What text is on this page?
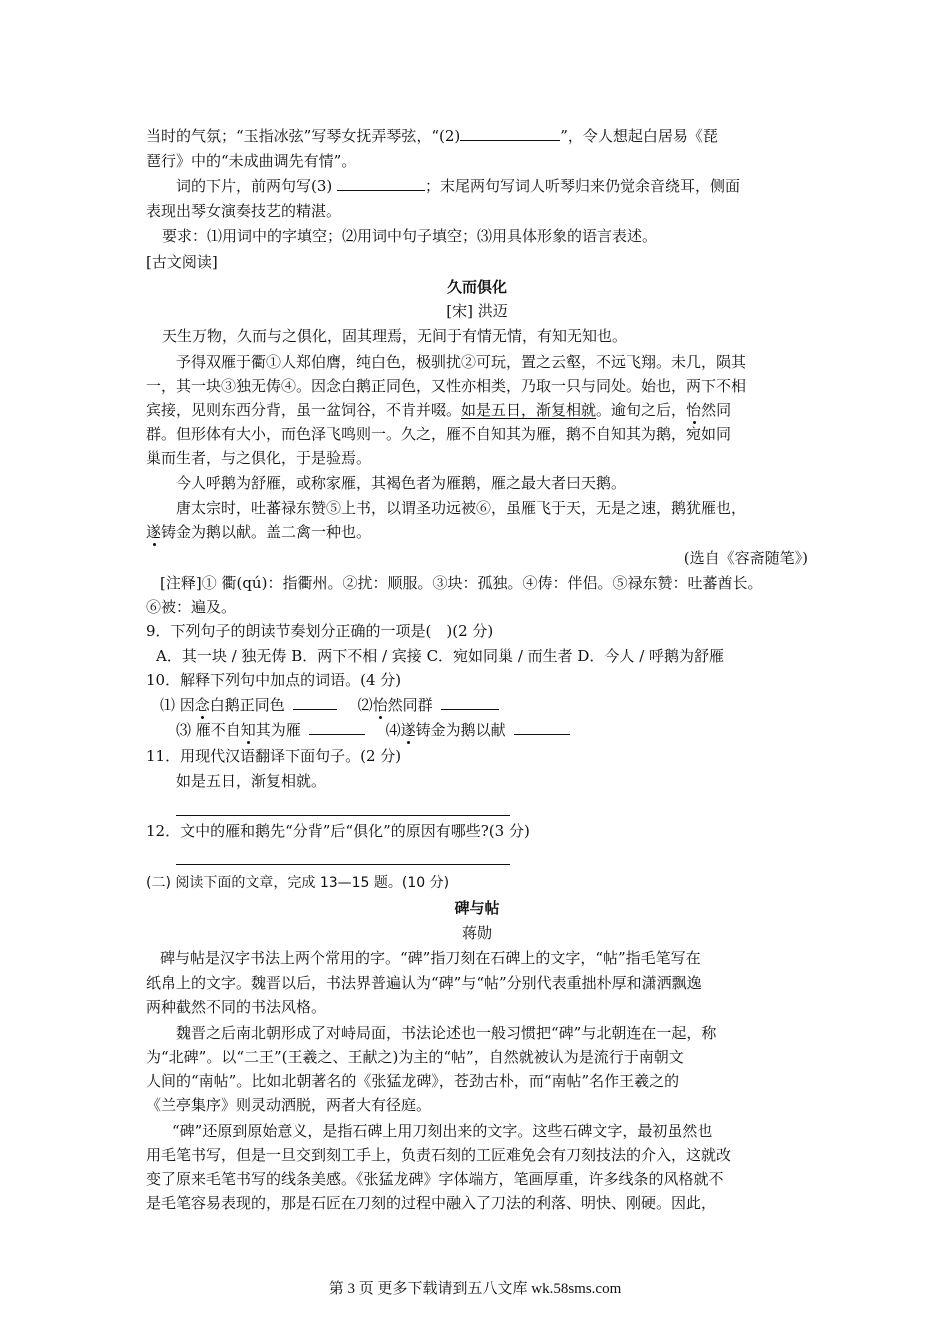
当时的气氛；“玉指冰弦”写琴女抚弄琴弦，“(2)	”，令人想起白居易《琵
琶行》中的“未成曲调先有情”。
词的下片，前两句写(3)	；末尾两句写词人听琴归来仍觉余音绕耳，侧面
表现出琴女演奏技艺的精湛。
要求：⑴用词中的字填空；⑵用词中句子填空；⑶用具体形象的语言表述。
[古文阅读]
久而俱化
[宋] 洪迈
天生万物，久而与之俱化，固其理焉，无间于有情无情，有知无知也。
予得双雁于衢①人郑伯膺，纯白色，极驯扰②可玩，置之云壑，不远飞翔。未几，陨其
一，其一块③独无俦④。因念白鹅正同色，又性亦相类，乃取一只与同处。始也，两下不相
宾接，见则东西分背，虽一盆饲谷，不肯并啜。如是五日，渐复相就。逾旬之后，怡然同
群。但形体有大小，而色泽飞鸣则一。久之，雁不自知其为雁，鹅不自知其为鹅，宛如同
巢而生者，与之俱化，于是验焉。
今人呼鹅为舒雁，或称家雁，其褐色者为雁鹅，雁之最大者曰天鹅。
唐太宗时，吐蕃禄东赞⑤上书，以谓圣功远被⑥，虽雁飞于天，无是之速，鹅犹雁也，
遂铸金为鹅以献。盖二禽一种也。
(选自《容斋随笔》)
[注释]① 衢(qú)：指衢州。②扰：顺服。③块：孤独。④俦：伴侣。⑤禄东赞：吐蕃酋长。
⑥被：遍及。
9．下列句子的朗读节奏划分正确的一项是(　)(2 分)
A．其一块 / 独无俦 B．两下不相 / 宾接 C．宛如同巢 / 而生者 D．今人 / 呼鹅为舒雁
10．解释下列句中加点的词语。(4 分)
⑴ 因念白鹅正同色	⑵怡然同群
⑶ 雁不自知其为雁	⑷遂铸金为鹅以献
11．用现代汉语翻译下面句子。(2 分)
如是五日，渐复相就。
12．文中的雁和鹅先“分背”后“俱化”的原因有哪些?(3 分)
(二) 阅读下面的文章，完成 13—15 题。(10 分)
碑与帖
蒋勋
碑与帖是汉字书法上两个常用的字。“碑”指刀刻在石碑上的文字，“帖”指毛笔写在
纸帛上的文字。魏晋以后，书法界普遍认为“碑”与“帖”分别代表重拙朴厚和潇洒飘逸
两种截然不同的书法风格。
魏晋之后南北朝形成了对峙局面，书法论述也一般习惯把“碑”与北朝连在一起，称
为“北碑”。以“二王”(王羲之、王献之)为主的“帖”，自然就被认为是流行于南朝文
人间的“南帖”。比如北朝著名的《张猛龙碑》，苍劲古朴，而“南帖”名作王羲之的
《兰亭集序》则灵动洒脱，两者大有径庭。
“碑”还原到原始意义，是指石碑上用刀刻出来的文字。这些石碑文字，最初虽然也
用毛笔书写，但是一旦交到刻工手上，负责石刻的工匠难免会有刀刻技法的介入，这就改
变了原来毛笔书写的线条美感。《张猛龙碑》字体端方，笔画厚重，许多线条的风格就不
是毛笔容易表现的，那是石匠在刀刻的过程中融入了刀法的利落、明快、刚硬。因此，
第 3 页 更多下载请到五八文库 wk.58sms.com
